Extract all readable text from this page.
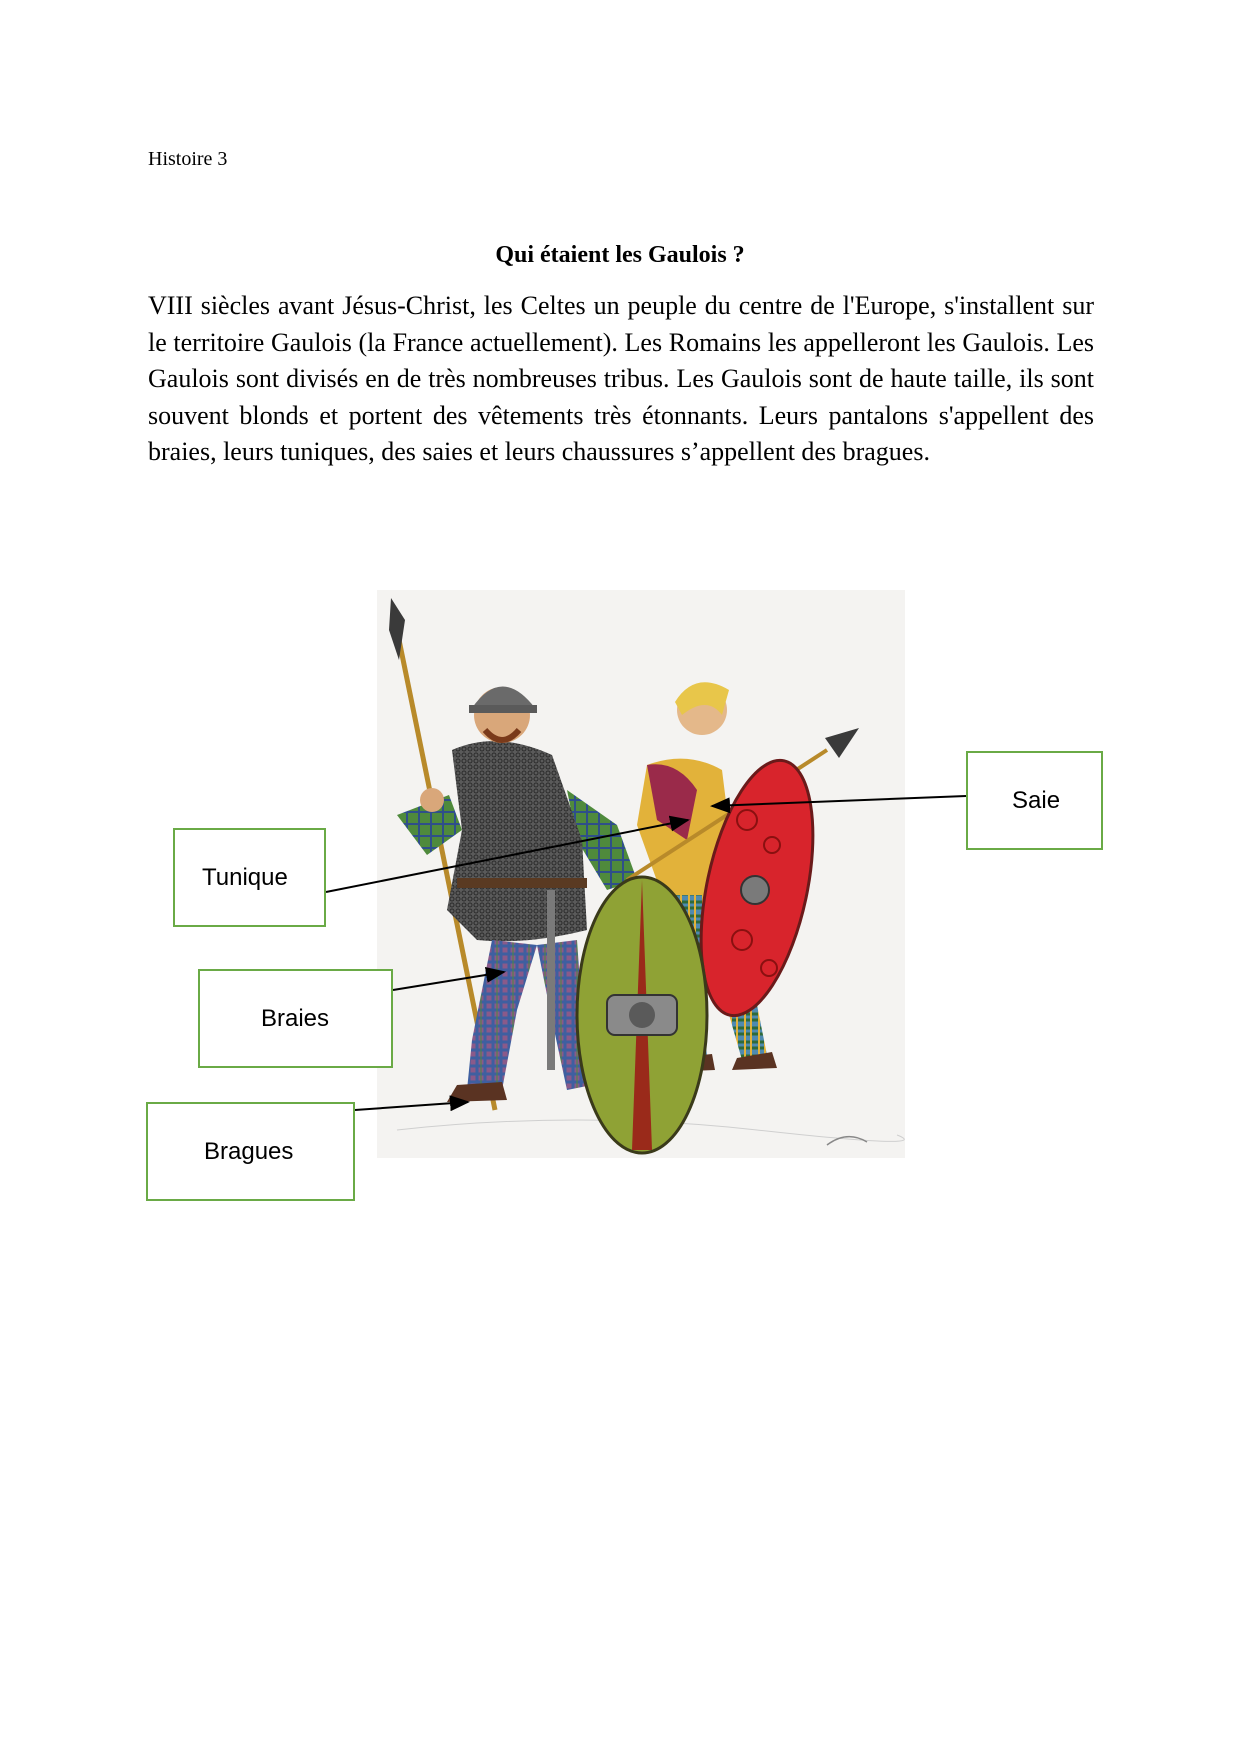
Histoire 3
Qui étaient les Gaulois ?

VIII siècles avant Jésus-Christ, les Celtes un peuple du centre de l'Europe, s'installent sur le territoire Gaulois (la France actuellement). Les Romains les appelleront les Gaulois. Les Gaulois sont divisés en de très nombreuses tribus. Les Gaulois sont de haute taille, ils sont souvent blonds et portent des vêtements très étonnants. Leurs pantalons s'appellent des braies, leurs tuniques, des saies et leurs chaussures s’appellent des bragues.

Saie
Tunique
Braies
Bragues
